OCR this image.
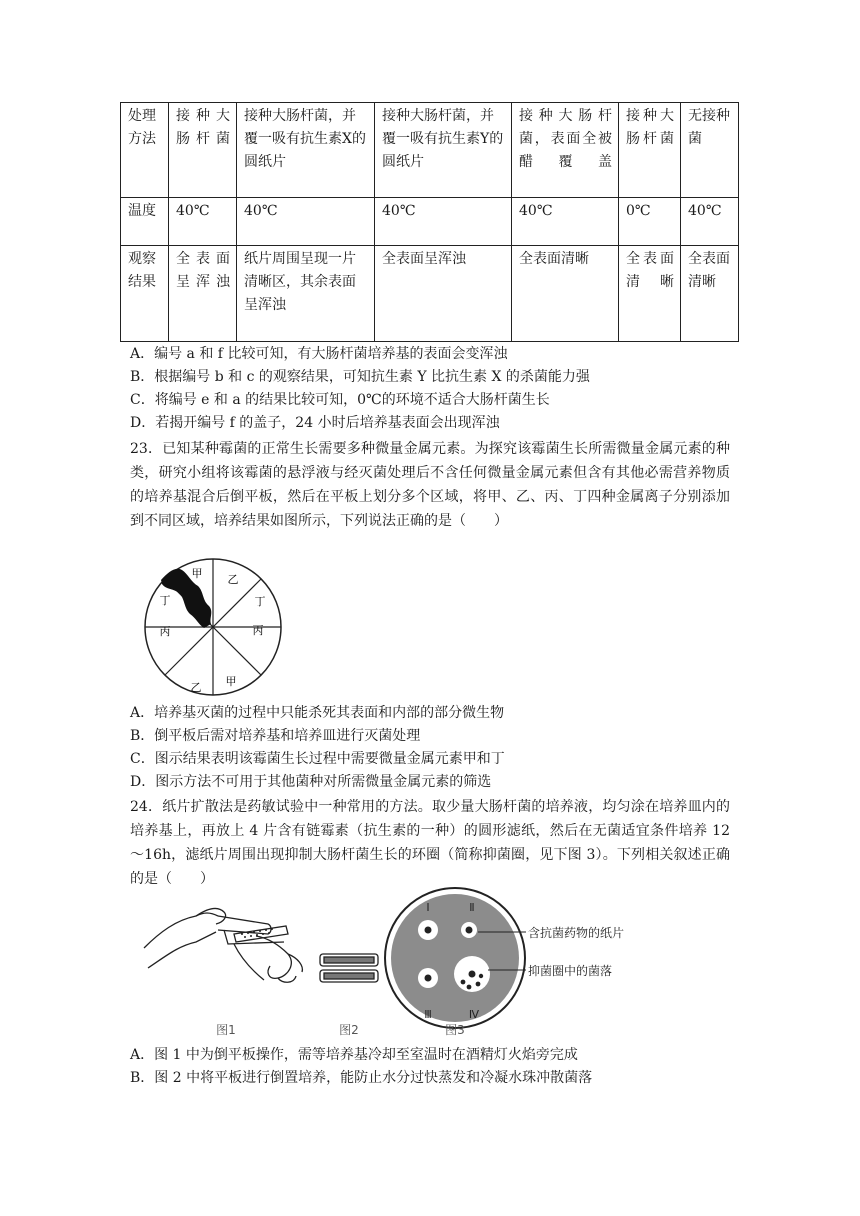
处理方法	接种大肠杆菌	接种大肠杆菌，并覆一吸有抗生素X的圆纸片	接种大肠杆菌，并覆一吸有抗生素Y的圆纸片	接种大肠杆菌，表面全被醋覆盖	接种大肠杆菌	无接种菌
温度	40℃	40℃	40℃	40℃	0℃	40℃
观察结果	全表面呈浑浊	纸片周围呈现一片清晰区，其余表面呈浑浊	全表面呈浑浊	全表面清晰	全表面清晰	全表面清晰
A．编号 a 和 f 比较可知，有大肠杆菌培养基的表面会变浑浊
B．根据编号 b 和 c 的观察结果，可知抗生素 Y 比抗生素 X 的杀菌能力强
C．将编号 e 和 a 的结果比较可知，0℃的环境不适合大肠杆菌生长
D．若揭开编号 f 的盖子，24 小时后培养基表面会出现浑浊
23．已知某种霉菌的正常生长需要多种微量金属元素。为探究该霉菌生长所需微量金属元素的种类，研究小组将该霉菌的悬浮液与经灭菌处理后不含任何微量金属元素但含有其他必需营养物质的培养基混合后倒平板，然后在平板上划分多个区域，将甲、乙、丙、丁四种金属离子分别添加到不同区域，培养结果如图所示，下列说法正确的是（　　）
甲 乙
丁
丙
甲
乙
丙
丁
A．培养基灭菌的过程中只能杀死其表面和内部的部分微生物
B．倒平板后需对培养基和培养皿进行灭菌处理
C．图示结果表明该霉菌生长过程中需要微量金属元素甲和丁
D．图示方法不可用于其他菌种对所需微量金属元素的筛选
24．纸片扩散法是药敏试验中一种常用的方法。取少量大肠杆菌的培养液，均匀涂在培养皿内的培养基上，再放上 4 片含有链霉素（抗生素的一种）的圆形滤纸，然后在无菌适宜条件培养 12～16h，滤纸片周围出现抑制大肠杆菌生长的环圈（简称抑菌圈，见下图 3）。下列相关叙述正确的是（　　）
图1	图2
Ⅰ	Ⅱ
Ⅲ	Ⅳ
含抗菌药物的纸片
抑菌圈中的菌落
图3
A．图 1 中为倒平板操作，需等培养基冷却至室温时在酒精灯火焰旁完成
B．图 2 中将平板进行倒置培养，能防止水分过快蒸发和冷凝水珠冲散菌落
